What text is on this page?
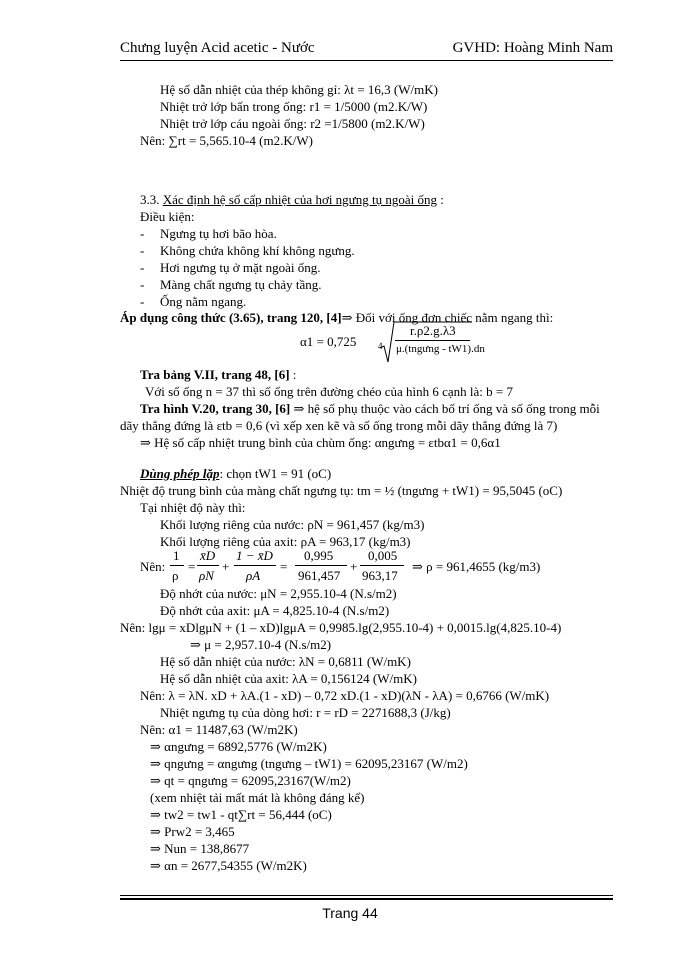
Chưng luyện Acid acetic - Nước	GVHD: Hoàng Minh Nam
Hệ số dẫn nhiệt của thép không gỉ: λt = 16,3 (W/mK)
Nhiệt trở lớp bẩn trong ống: r1 = 1/5000 (m2.K/W)
Nhiệt trở lớp cáu ngoài ống: r2 =1/5800 (m2.K/W)
Nên: ∑rt = 5,565.10-4 (m2.K/W)
3.3. Xác định hệ số cấp nhiệt của hơi ngưng tụ ngoài ống :
Điều kiện:
- Ngưng tụ hơi bão hòa.
- Không chứa không khí không ngưng.
- Hơi ngưng tụ ở mặt ngoài ống.
- Màng chất ngưng tụ chảy tầng.
- Ống nằm ngang.
Áp dụng công thức (3.65), trang 120, [4]⇒ Đối với ống đơn chiếc nằm ngang thì:
α1 = 0,725 4
r.ρ2.g.λ3
μ.(tngưng - tW1).dn
Tra bảng V.II, trang 48, [6] :
Với số ống n = 37 thì số ống trên đường chéo của hình 6 cạnh là: b = 7
Tra hình V.20, trang 30, [6] ⇒ hệ số phụ thuộc vào cách bố trí ống và số ống trong mỗi
dãy thẳng đứng là εtb = 0,6 (vì xếp xen kẽ và số ống trong mỗi dãy thẳng đứng là 7)
⇒ Hệ số cấp nhiệt trung bình của chùm ống: αngưng = εtbα1 = 0,6α1
Dùng phép lặp: chọn tW1 = 91 (oC)
Nhiệt độ trung bình của màng chất ngưng tụ: tm = ½ (tngưng + tW1) = 95,5045 (oC)
Tại nhiệt độ này thì:
Khối lượng riêng của nước: ρN = 961,457 (kg/m3)
Khối lượng riêng của axit: ρA = 963,17 (kg/m3)
Nên:
1
ρ
=
x̄D
ρN
+
1 − x̄D
ρA
=
0,995
961,457
+
0,005
963,17
⇒ ρ = 961,4655 (kg/m3)
Độ nhớt của nước: μN = 2,955.10-4 (N.s/m2)
Độ nhớt của axit: μA = 4,825.10-4 (N.s/m2)
Nên: lgμ = xDlgμN + (1 – xD)lgμA = 0,9985.lg(2,955.10-4) + 0,0015.lg(4,825.10-4)
⇒ μ = 2,957.10-4 (N.s/m2)
Hệ số dẫn nhiệt của nước: λN = 0,6811 (W/mK)
Hệ số dẫn nhiệt của axit: λA = 0,156124 (W/mK)
Nên: λ = λN. xD + λA.(1 - xD) – 0,72 xD.(1 - xD)(λN - λA) = 0,6766 (W/mK)
Nhiệt ngưng tụ của dòng hơi: r = rD = 2271688,3 (J/kg)
Nên: α1 = 11487,63 (W/m2K)
⇒ αngưng = 6892,5776 (W/m2K)
⇒ qngưng = αngưng (tngưng – tW1) = 62095,23167 (W/m2)
⇒ qt = qngưng = 62095,23167(W/m2)
(xem nhiệt tải mất mát là không đáng kể)
⇒ tw2 = tw1 - qt∑rt = 56,444 (oC)
⇒ Prw2 = 3,465
⇒ Nun = 138,8677
⇒ αn = 2677,54355 (W/m2K)
Trang 44
